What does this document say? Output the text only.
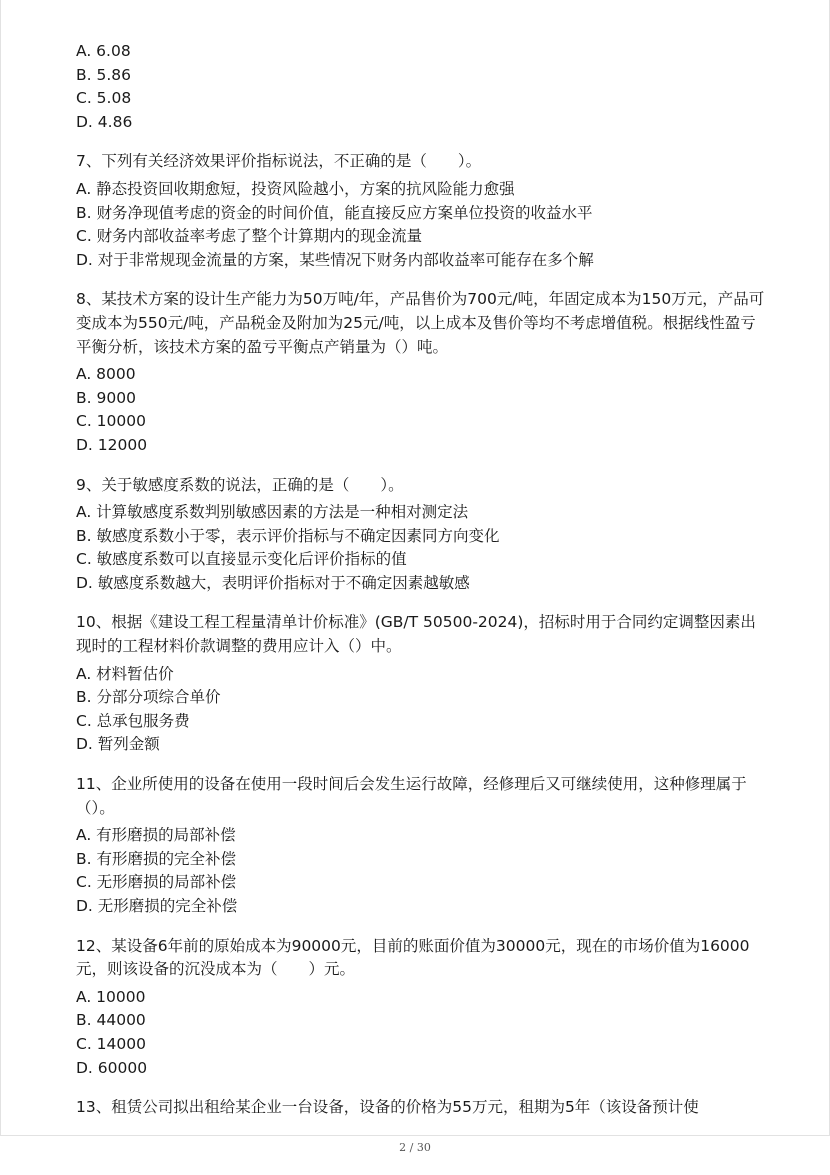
A. 6.08

B. 5.86

C. 5.08

D. 4.86

7、下列有关经济效果评价指标说法，不正确的是（　　）。

A. 静态投资回收期愈短，投资风险越小，方案的抗风险能力愈强

B. 财务净现值考虑的资金的时间价值，能直接反应方案单位投资的收益水平

C. 财务内部收益率考虑了整个计算期内的现金流量

D. 对于非常规现金流量的方案，某些情况下财务内部收益率可能存在多个解

8、某技术方案的设计生产能力为50万吨/年，产品售价为700元/吨，年固定成本为150万元，产品可变成本为550元/吨，产品税金及附加为25元/吨，以上成本及售价等均不考虑增值税。根据线性盈亏平衡分析，该技术方案的盈亏平衡点产销量为（）吨。

A. 8000

B. 9000

C. 10000

D. 12000

9、关于敏感度系数的说法，正确的是（　　）。

A. 计算敏感度系数判别敏感因素的方法是一种相对测定法

B. 敏感度系数小于零，表示评价指标与不确定因素同方向变化

C. 敏感度系数可以直接显示变化后评价指标的值

D. 敏感度系数越大，表明评价指标对于不确定因素越敏感

10、根据《建设工程工程量清单计价标准》(GB/T 50500-2024)，招标时用于合同约定调整因素出现时的工程材料价款调整的费用应计入（）中。

A. 材料暂估价

B. 分部分项综合单价

C. 总承包服务费

D. 暂列金额

11、企业所使用的设备在使用一段时间后会发生运行故障，经修理后又可继续使用，这种修理属于（）。

A. 有形磨损的局部补偿

B. 有形磨损的完全补偿

C. 无形磨损的局部补偿

D. 无形磨损的完全补偿

12、某设备6年前的原始成本为90000元，目前的账面价值为30000元，现在的市场价值为16000元，则该设备的沉没成本为（　　）元。

A. 10000

B. 44000

C. 14000

D. 60000

13、租赁公司拟出租给某企业一台设备，设备的价格为55万元，租期为5年（该设备预计使

2 / 30
